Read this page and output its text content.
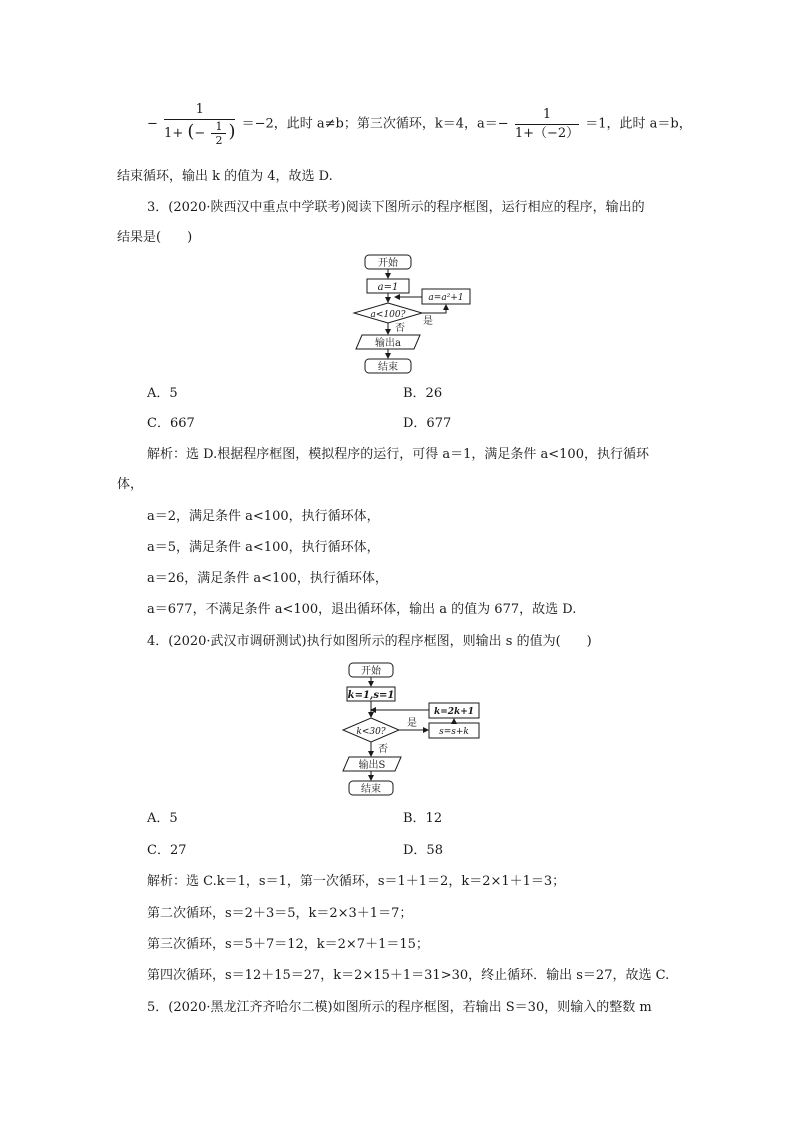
− $\frac{1}{1+ (- \frac{1}{2} )} =-2$，此时 a≠b；第三次循环，k＝4，$a=- \frac{1}{1+(-2)} =1$，此时 a＝b，
结束循环，输出 k 的值为 4，故选 D.
3．(2020·陕西汉中重点中学联考)阅读下图所示的程序框图，运行相应的程序，输出的
结果是(　　)
开始
a=1
a<100?
a=a²+1
是
否
输出a
结束
A．5	B．26
C．667	D．677
解析：选 D.根据程序框图，模拟程序的运行，可得 a＝1，满足条件 a<100，执行循环
体，
a＝2，满足条件 a<100，执行循环体，
a＝5，满足条件 a<100，执行循环体，
a＝26，满足条件 a<100，执行循环体，
a＝677，不满足条件 a<100，退出循环体，输出 a 的值为 677，故选 D.
4．(2020·武汉市调研测试)执行如图所示的程序框图，则输出 s 的值为(　　)
开始
k=1,s=1
k<30?
k=2k+1
s=s+k
是
否
输出S
结束
A．5	B．12
C．27	D．58
解析：选 C.k＝1，s＝1，第一次循环，s＝1＋1＝2，k＝2×1＋1＝3；
第二次循环，s＝2＋3＝5，k＝2×3＋1＝7；
第三次循环，s＝5＋7＝12，k＝2×7＋1＝15；
第四次循环，s＝12＋15＝27，k＝2×15＋1＝31>30，终止循环．输出 s＝27，故选 C.
5．(2020·黑龙江齐齐哈尔二模)如图所示的程序框图，若输出 S＝30，则输入的整数 m
